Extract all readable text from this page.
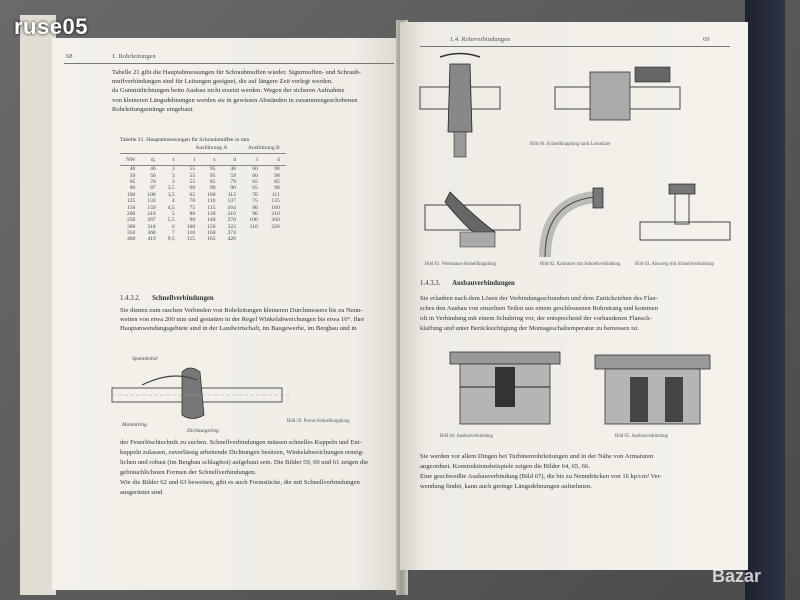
68	1. Rohrleitungen
Tabelle 21 gibt die Hauptabmessungen für Schraubmuffen wieder. Sigurmuffen- und Schraub-
muffverbindungen sind für Leitungen geeignet, die auf längere Zeit verlegt werden.
da Gummidichtungen beim Ausbau nicht ersetzt werden. Wegen der sicheren Aufnahme
von kleineren Längsdehnungen werden sie in gewissen Abständen in zusammengeschobenen
Rohrleitungsstränge eingebaut.
Tabelle 21. Hauptabmessungen für Schraubmuffen in mm
			Ausführung A			Ausführung B	
NW	d₁	s	l	s	d	l	d
40	46	3	55	95	48	60	98
50	56	3	55	95	59	60	98
65	76	3	55	85	79	65	85
80	87	3,5	60	90	90	65	90
100	108	3,5	65	100	112	70	111
125	133	4	70	110	137	75	135
150	159	4,5	75	115	164	80	160
200	216	5	80	130	216	90	210
250	267	5,5	90	140	270	100	260
300	318	6	100	150	322	110	326
350	368	7	110	160	374		
400	419	9,5	115	165	426		
1.4.3.2. Schnellverbindungen
Sie dienen zum raschen Verbinden von Rohrleitungen kleineren Durchmessers bis zu Nenn-
weiten von etwa 200 mm und gestatten in der Regel Winkelabweichungen bis etwa 10°. Ihre
Hauptanwendungsgebiete sind in der Landwirtschaft, im Baugewerbe, im Bergbau und in
Spannhebel
Mantelring
Dichtungsring
Bild 59. Perrot-Schnellkupplung
der Feuerlöschtechnik zu suchen. Schnellverbindungen müssen schnelles Kuppeln und Ent-
kuppeln zulassen, zuverlässig arbeitende Dichtungen besitzen, Winkelabweichungen ermög-
lichen und robust (im Bergbau schlagfest) aufgebaut sein. Die Bilder 59, 60 und 61 zeigen die
gebräuchlichsten Formen der Schnellverbindungen.
Wie die Bilder 62 und 63 beweisen, gibt es auch Formstücke, die mit Schnellverbindungen
ausgerüstet sind.
1.4. Rohrverbindungen	69
Bild 60. Schnellkupplung nach Lossnitzer
Bild 61. Wiesmann-Schnellkupplung	Bild 62. Krümmer mit Schnellverbindung	Bild 63. Abzweig mit Schnellverbindung
1.4.3.3. Ausbauverbindungen
Sie erlauben nach dem Lösen der Verbindungsschrauben und dem Zurückziehen des Flan-
sches den Ausbau von einzelnen Teilen aus einem geschlossenen Rohrstrang und kommen
oft in Verbindung mit einem Schubring vor, der entsprechend der vorhandenen Flansch-
klaffung und unter Berücksichtigung der Montageschaltemperatur zu bemessen ist.
Bild 64. Ausbauverbindung	Bild 65. Ausbauverbindung
Sie werden vor allem Dingen bei Turbinenrohrleitungen und in der Nähe von Armaturen
angeordnet. Konstruktionsbeispiele zeigen die Bilder 64, 65, 66.
Eine geschweißte Ausbauverbindung (Bild 67), die bis zu Nenndrücken von 16 kp/cm² Ver-
wendung findet, kann auch geringe Längsdehnungen aufnehmen.
ruse05
Bazar
